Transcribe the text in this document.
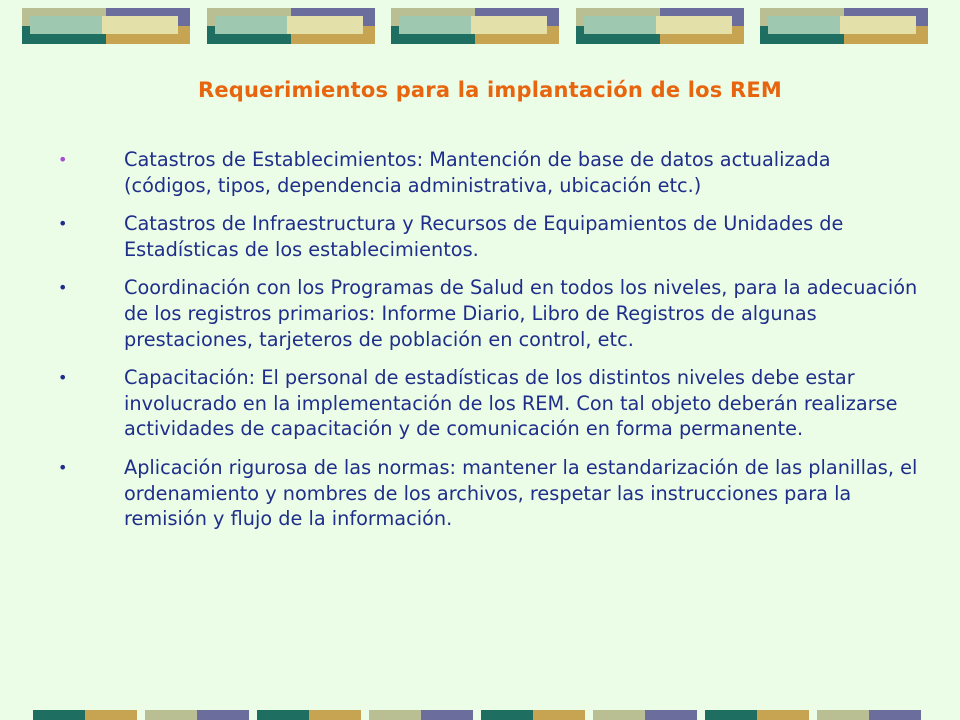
Requerimientos para la implantación de los REM
•	Catastros de Establecimientos: Mantención de base de datos actualizada (códigos, tipos, dependencia administrativa, ubicación etc.)
•	Catastros de Infraestructura y Recursos de Equipamientos de Unidades de Estadísticas de los establecimientos.
•	Coordinación con los Programas de Salud en todos los niveles, para la adecuación de los registros primarios: Informe Diario, Libro de Registros de algunas prestaciones, tarjeteros de población en control, etc.
•	Capacitación: El personal de estadísticas de los distintos niveles debe estar involucrado en la implementación de los REM. Con tal objeto deberán realizarse actividades de capacitación y de comunicación en forma permanente.
•	Aplicación rigurosa de las normas: mantener la estandarización de las planillas, el ordenamiento y nombres de los archivos, respetar las instrucciones para la remisión y flujo de la información.
